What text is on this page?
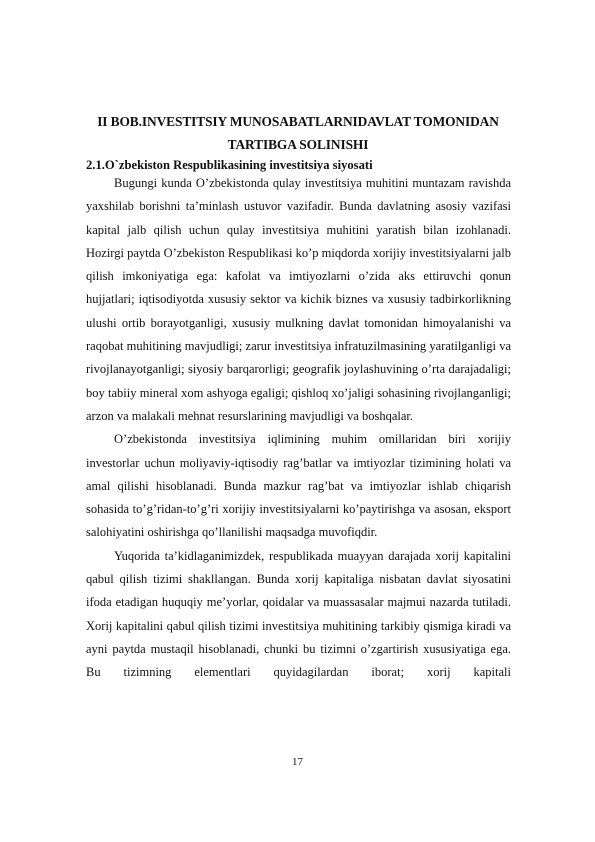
II BOB.INVESTITSIY MUNOSABATLARNIDAVLAT TOMONIDAN
TARTIBGA SOLINISHI
2.1.O`zbekiston Respublikasining investitsiya siyosati

Bugungi kunda O’zbekistonda qulay investitsiya muhitini muntazam ravishda yaxshilab borishni ta’minlash ustuvor vazifadir. Bunda davlatning asosiy vazifasi kapital jalb qilish uchun qulay investitsiya muhitini yaratish bilan izohlanadi. Hozirgi paytda O’zbekiston Respublikasi ko’p miqdorda xorijiy investitsiyalarni jalb qilish imkoniyatiga ega: kafolat va imtiyozlarni o’zida aks ettiruvchi qonun hujjatlari; iqtisodiyotda xususiy sektor va kichik biznes va xususiy tadbirkorlikning ulushi ortib borayotganligi, xususiy mulkning davlat tomonidan himoyalanishi va raqobat muhitining mavjudligi; zarur investitsiya infratuzilmasining yaratilganligi va rivojlanayotganligi; siyosiy barqarorligi; geografik joylashuvining o’rta darajadaligi; boy tabiiy mineral xom ashyoga egaligi; qishloq xo’jaligi sohasining rivojlanganligi; arzon va malakali mehnat resurslarining mavjudligi va boshqalar.

O’zbekistonda investitsiya iqlimining muhim omillaridan biri xorijiy investorlar uchun moliyaviy-iqtisodiy rag’batlar va imtiyozlar tizimining holati va amal qilishi hisoblanadi. Bunda mazkur rag’bat va imtiyozlar ishlab chiqarish sohasida to’g’ridan-to’g’ri xorijiy investitsiyalarni ko’paytirishga va asosan, eksport salohiyatini oshirishga qo’llanilishi maqsadga muvofiqdir.

Yuqorida ta’kidlaganimizdek, respublikada muayyan darajada xorij kapitalini qabul qilish tizimi shakllangan. Bunda xorij kapitaliga nisbatan davlat siyosatini ifoda etadigan huquqiy me’yorlar, qoidalar va muassasalar majmui nazarda tutiladi. Xorij kapitalini qabul qilish tizimi investitsiya muhitining tarkibiy qismiga kiradi va ayni paytda mustaqil hisoblanadi, chunki bu tizimni o’zgartirish xususiyatiga ega. Bu tizimning elementlari quyidagilardan iborat; xorij kapitali

17
